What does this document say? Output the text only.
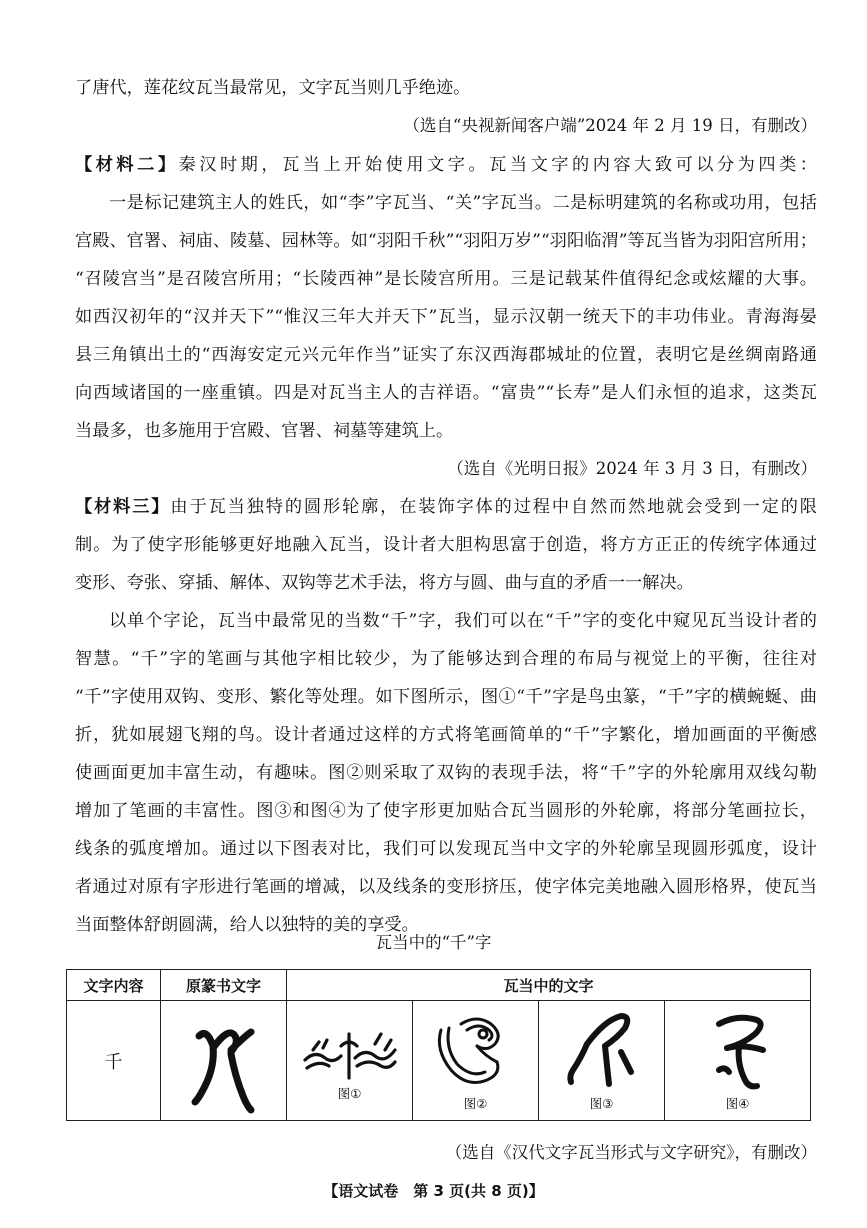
了唐代，莲花纹瓦当最常见，文字瓦当则几乎绝迹。
（选自“央视新闻客户端”2024 年 2 月 19 日，有删改）
【材料二】秦汉时期，瓦当上开始使用文字。瓦当文字的内容大致可以分为四类：
一是标记建筑主人的姓氏，如“李”字瓦当、“关”字瓦当。二是标明建筑的名称或功用，包括
宫殿、官署、祠庙、陵墓、园林等。如“羽阳千秋”“羽阳万岁”“羽阳临渭”等瓦当皆为羽阳宫所用；
“召陵宫当”是召陵宫所用；“长陵西神”是长陵宫所用。三是记载某件值得纪念或炫耀的大事。
如西汉初年的“汉并天下”“惟汉三年大并天下”瓦当，显示汉朝一统天下的丰功伟业。青海海晏
县三角镇出土的“西海安定元兴元年作当”证实了东汉西海郡城址的位置，表明它是丝绸南路通
向西域诸国的一座重镇。四是对瓦当主人的吉祥语。“富贵”“长寿”是人们永恒的追求，这类瓦
当最多，也多施用于宫殿、官署、祠墓等建筑上。
（选自《光明日报》2024 年 3 月 3 日，有删改）
【材料三】由于瓦当独特的圆形轮廓，在装饰字体的过程中自然而然地就会受到一定的限
制。为了使字形能够更好地融入瓦当，设计者大胆构思富于创造，将方方正正的传统字体通过
变形、夸张、穿插、解体、双钩等艺术手法，将方与圆、曲与直的矛盾一一解决。
以单个字论，瓦当中最常见的当数“千”字，我们可以在“千”字的变化中窥见瓦当设计者的
智慧。“千”字的笔画与其他字相比较少，为了能够达到合理的布局与视觉上的平衡，往往对
“千”字使用双钩、变形、繁化等处理。如下图所示，图①“千”字是鸟虫篆，“千”字的横蜿蜒、曲
折，犹如展翅飞翔的鸟。设计者通过这样的方式将笔画简单的“千”字繁化，增加画面的平衡感
使画面更加丰富生动，有趣味。图②则采取了双钩的表现手法，将“千”字的外轮廓用双线勾勒
增加了笔画的丰富性。图③和图④为了使字形更加贴合瓦当圆形的外轮廓，将部分笔画拉长，
线条的弧度增加。通过以下图表对比，我们可以发现瓦当中文字的外轮廓呈现圆形弧度，设计
者通过对原有字形进行笔画的增减，以及线条的变形挤压，使字体完美地融入圆形格界，使瓦当
当面整体舒朗圆满，给人以独特的美的享受。
瓦当中的“千”字
文字内容	原篆书文字	瓦当中的文字			
千		图①	图②	图③	图④
（选自《汉代文字瓦当形式与文字研究》，有删改）
【语文试卷　第 3 页(共 8 页)】
